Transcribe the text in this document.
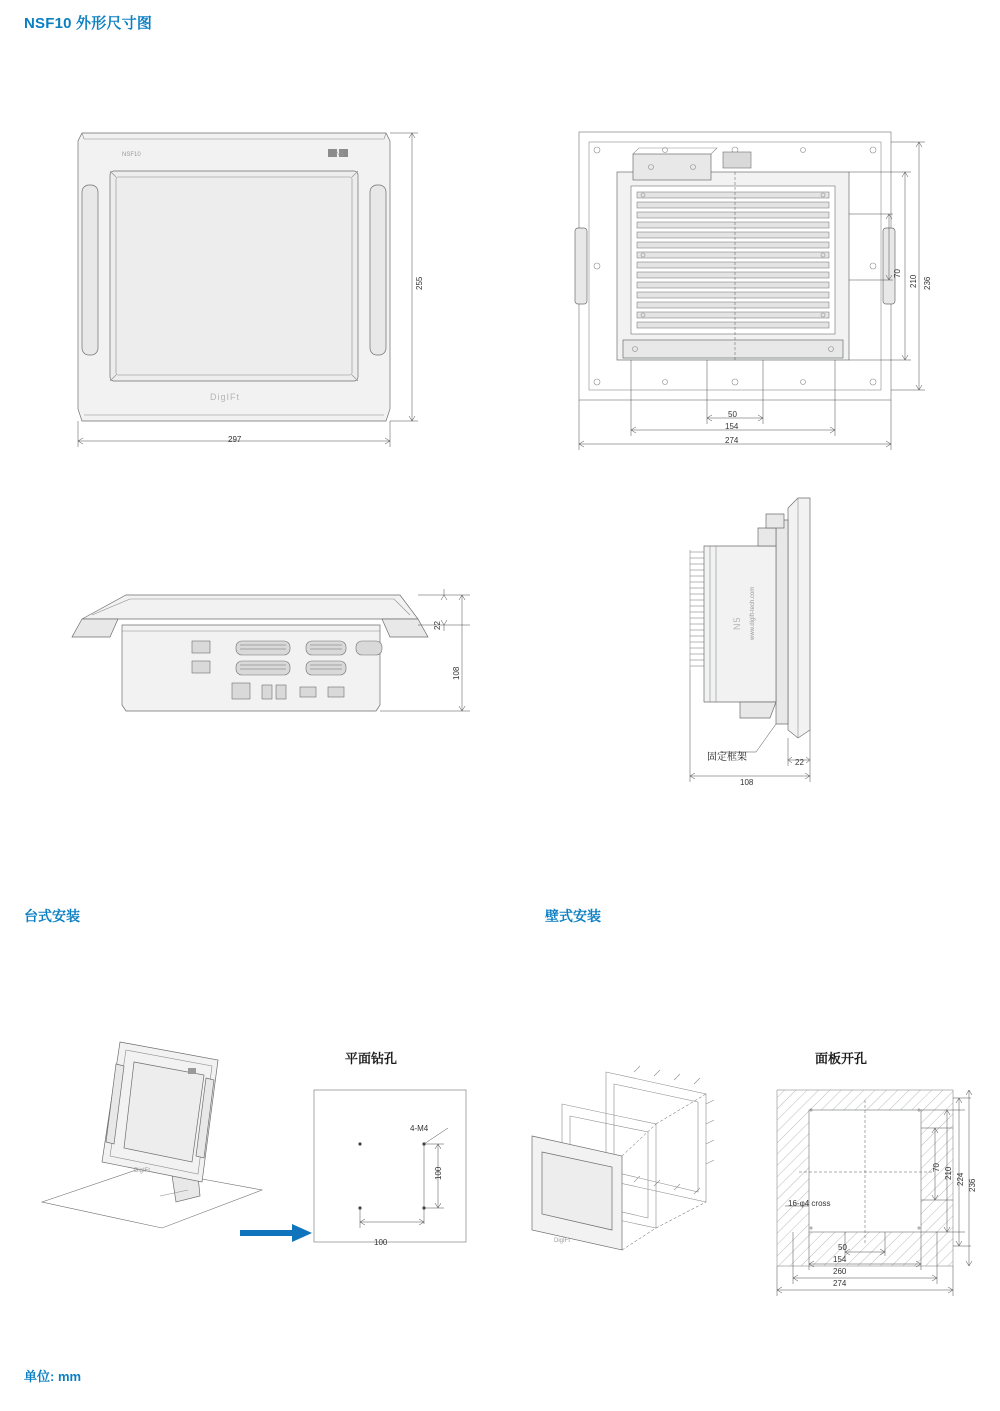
NSF10 外形尺寸图
NSF10	N5
DigIFt
255
297
70
210 236
50
154
274
22
108
www.digift-tech.com
N5
固定框架	22
108
台式安装	壁式安装
DigIFt
平面钻孔
4-M4
100
100	DigIFt
面板开孔
70 210 224 236
16-φ4 cross
50
154
260
274
单位: mm
